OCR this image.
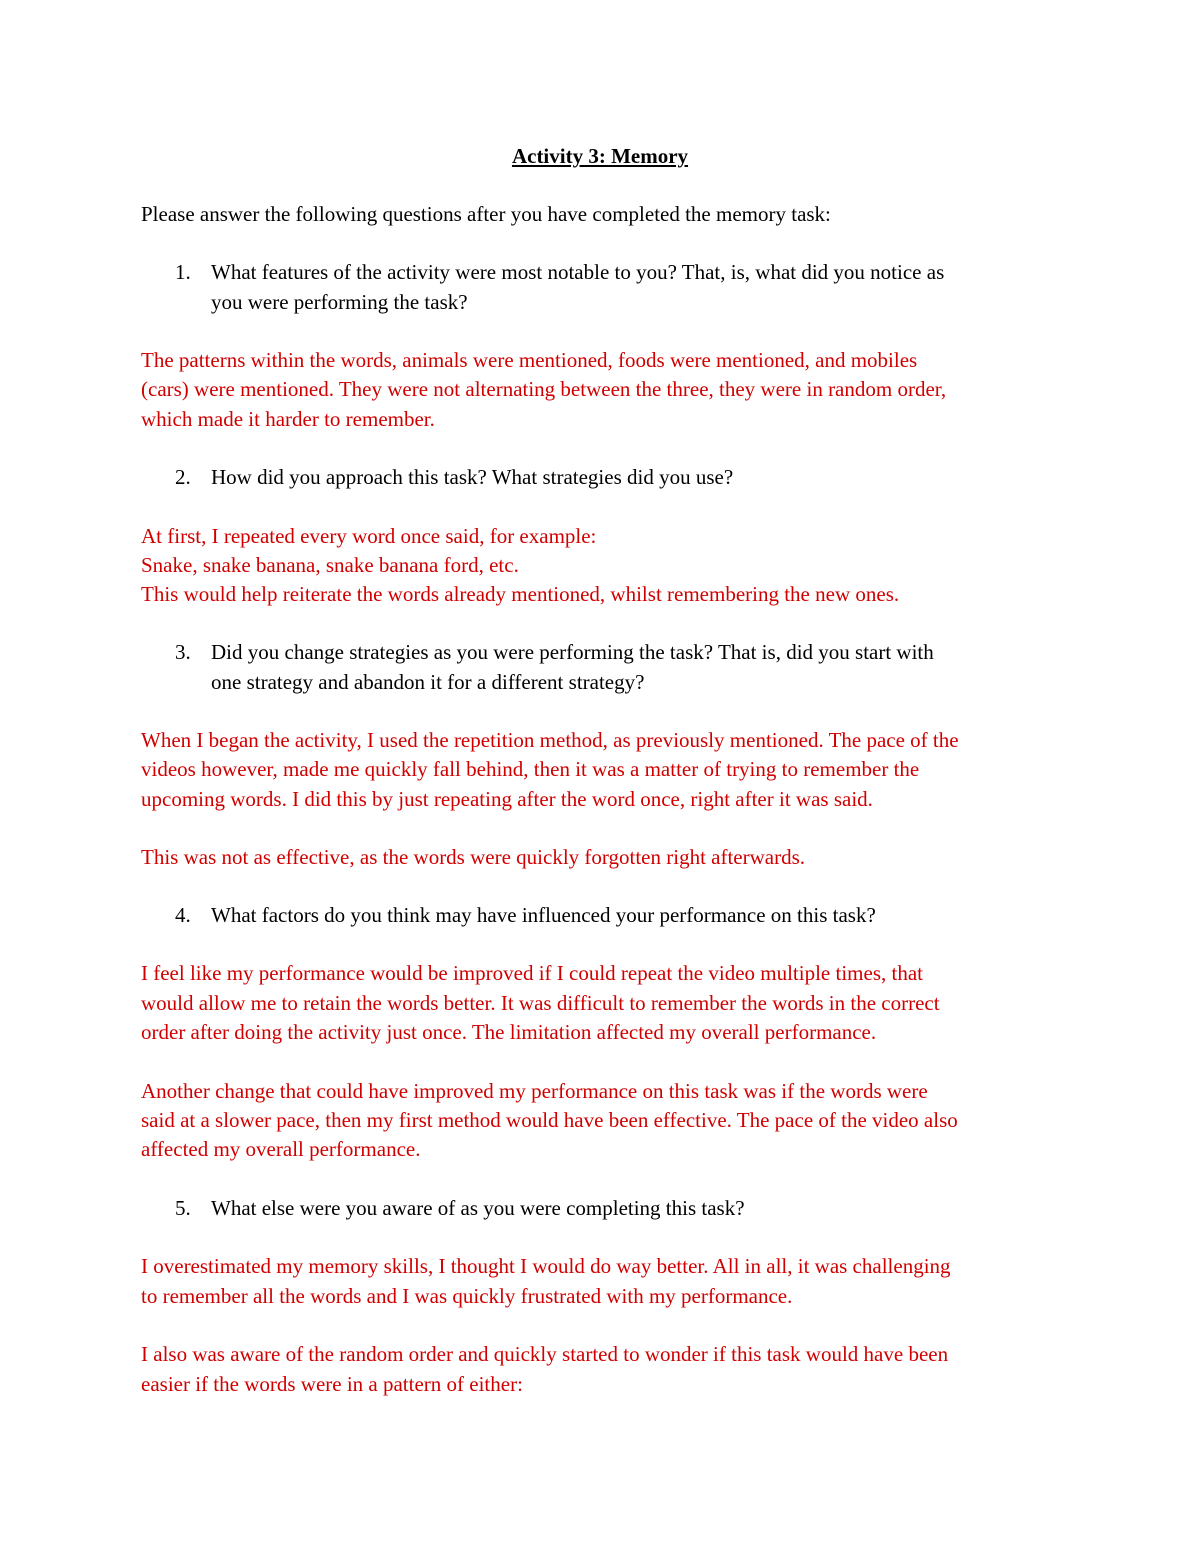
Activity 3: Memory
Please answer the following questions after you have completed the memory task:
1. What features of the activity were most notable to you? That, is, what did you notice as
you were performing the task?
The patterns within the words, animals were mentioned, foods were mentioned, and mobiles
(cars) were mentioned. They were not alternating between the three, they were in random order,
which made it harder to remember.
2. How did you approach this task? What strategies did you use?
At first, I repeated every word once said, for example:
Snake, snake banana, snake banana ford, etc.
This would help reiterate the words already mentioned, whilst remembering the new ones.
3. Did you change strategies as you were performing the task? That is, did you start with
one strategy and abandon it for a different strategy?
When I began the activity, I used the repetition method, as previously mentioned. The pace of the
videos however, made me quickly fall behind, then it was a matter of trying to remember the
upcoming words. I did this by just repeating after the word once, right after it was said.
This was not as effective, as the words were quickly forgotten right afterwards.
4. What factors do you think may have influenced your performance on this task?
I feel like my performance would be improved if I could repeat the video multiple times, that
would allow me to retain the words better. It was difficult to remember the words in the correct
order after doing the activity just once. The limitation affected my overall performance.
Another change that could have improved my performance on this task was if the words were
said at a slower pace, then my first method would have been effective. The pace of the video also
affected my overall performance.
5. What else were you aware of as you were completing this task?
I overestimated my memory skills, I thought I would do way better. All in all, it was challenging
to remember all the words and I was quickly frustrated with my performance.
I also was aware of the random order and quickly started to wonder if this task would have been
easier if the words were in a pattern of either:
